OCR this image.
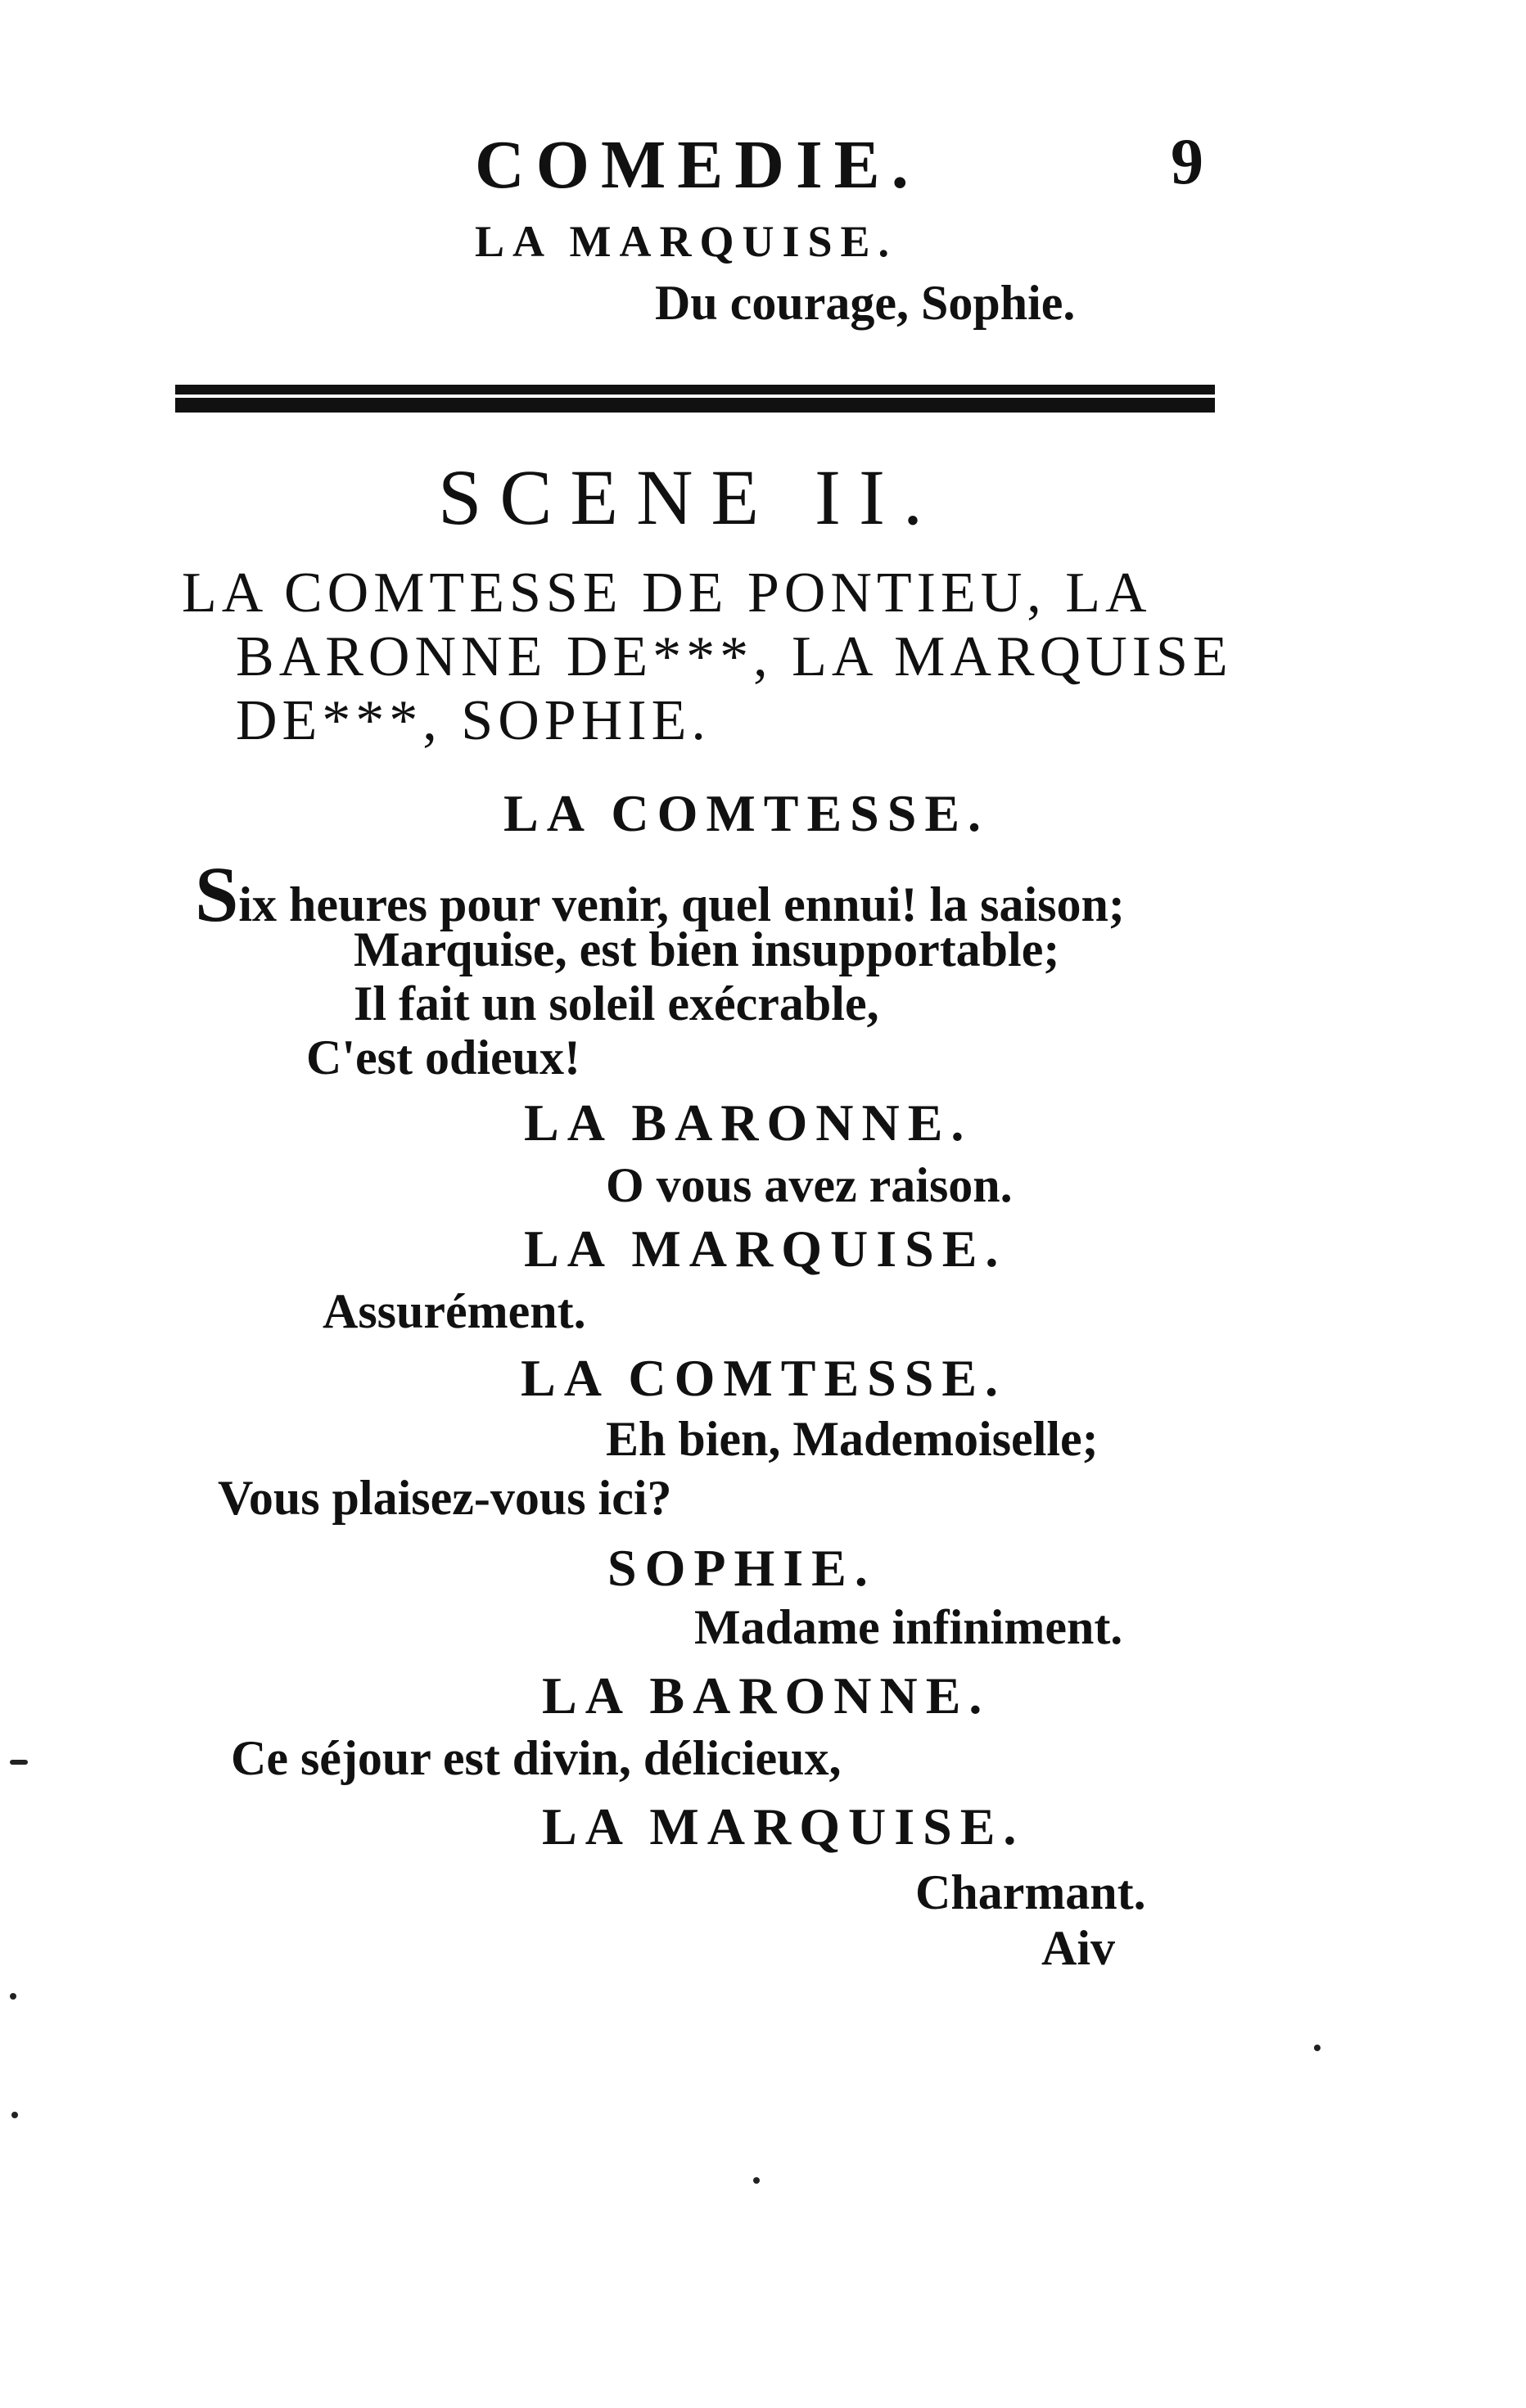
COMEDIE.	9
LA MARQUISE.
Du courage, Sophie.
SCENE II.
LA COMTESSE DE PONTIEU, LA
BARONNE DE***, LA MARQUISE
DE***, SOPHIE.
LA COMTESSE.
Six heures pour venir, quel ennui! la saison;
Marquise, est bien insupportable;
Il fait un soleil exécrable,
C'est odieux!
LA BARONNE.
O vous avez raison.
LA MARQUISE.
Assurément.
LA COMTESSE.
Eh bien, Mademoiselle;
Vous plaisez-vous ici?
SOPHIE.
Madame infiniment.
LA BARONNE.
Ce séjour est divin, délicieux,
LA MARQUISE.
Charmant.
Aiv
